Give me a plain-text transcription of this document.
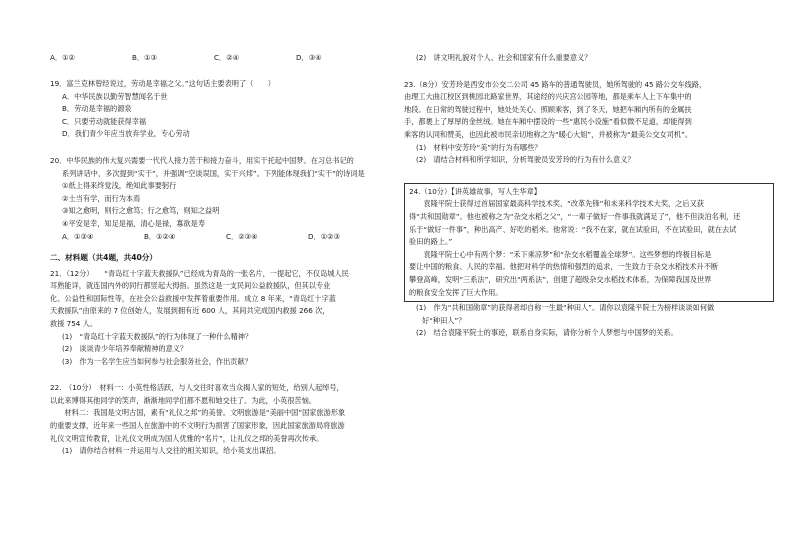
A．①②	B．①③	C．②④	D．③④
19．富兰克林曾经说过，劳动是幸福之父。”这句话主要表明了（　　）
A．中华民族以勤劳智慧闻名于世
B．劳动是幸福的源泉
C．只要劳动就能获得幸福
D．我们青少年应当放弃学业，专心劳动
20．中华民族的伟大复兴需要一代代人接力苦干和接力奋斗，用实干托起中国梦。在习总书记的
系列讲话中，多次提到“实干”，并强调“空谈误国，实干兴邦”。下列能体现我们“实干”的诗词是
①纸上得来终觉浅，绝知此事要躬行
②士当有学，而行为本焉
③知之愈明，则行之愈笃；行之愈笃，则知之益明
④平安是幸，知足是福，清心是禄，寡欲是寿
A．①③④	B．①②④	C．②③④	D．①②③
二、材料题（共4题，共40分）
21．（12分）　　“青岛红十字蓝天救援队”已经成为青岛的一张名片，一提起它，不仅岛城人民
耳熟能详，就连国内外的同行都竖起大拇指。虽然这是一支民间公益救援队，但其以专业
化、公益性和国际性等，在社会公益救援中发挥着重要作用。成立 8 年来，“青岛红十字蓝
天救援队”由原来的 7 位创始人，发展到拥有近 600 人，其间共完成国内救援 266 次，
救援 754 人。
(1)　“青岛红十字蓝天救援队”的行为体现了一种什么精神？
(2)　谈谈青少年培养奉献精神的意义？
(3)　作为一名学生应当如何参与社会服务社会，作出贡献？
22.　（10分）　材料一：小英性格活跃，与人交往时喜欢当众揭人家的短处，给别人起绰号，
以此来博得其他同学的笑声，渐渐地同学们都不愿和她交往了。为此，小英很苦恼。
　　材料二：我国是文明古国，素有“礼仪之邦”的美誉。文明旅游是“美丽中国”国家旅游形象
的重要支撑，近年来一些国人在旅游中的不文明行为损害了国家形象，因此国家旅游局将旅游
礼仪文明宣传教育，让礼仪文明成为国人优雅的“名片”，让礼仪之邦的美誉再次传承。
(1)　请你结合材料一并运用与人交往的相关知识，给小英支出谋招。
(2)　讲文明礼貌对个人、社会和国家有什么重要意义？
23.（8分）安芳玲是西安市公交二公司 45 路车的普通驾驶员，她所驾驶的 45 路公交车线路，
由理工大曲江校区到桃园北路家世界，其途经的兴庆宫公园等地，都是乘车人上下车集中的
地段。在日常的驾驶过程中，她处处关心、照顾乘客，到了冬天，她把车厢内所有的金属扶
手，都裹上了厚厚的金丝绒。她在车厢中摆设的一些“惠民小设施”看似微不足道，却能得到
乘客的认同和赞美，也因此被市民亲切地称之为“暖心大姐”，并被称为“最美公交女司机”。
(1)　材料中安芳玲“美”的行为有哪些？
(2)　请结合材料和所学知识，分析驾驶员安芳玲的行为有什么意义？
24.（10分）【讲英雄故事，写人生华章】
　　袁隆平院士获得过首届国家最高科学技术奖、“改革先锋”和未来科学技术大奖，之后又获
得“共和国勋章”。他也被称之为“杂交水稻之父”，“一辈子做好一件事我就满足了”，他不但淡泊名利，还
乐于“做好一件事”，种出高产、好吃的稻米。他常说：“我不在家，就在试验田，不在试验田，就在去试
验田的路上。”
　　袁隆平院士心中有两个梦：“禾下乘凉梦”和“杂交水稻覆盖全球梦”。这些梦想的终极目标是
要让中国的粮食、人民的幸福。他把对科学的热情和强烈的追求，一生致力于杂交水稻技术升不断
攀登高峰，发明“三系法”，研究出“两系法”，创建了超级杂交水稻技术体系，为保障我国及世界
的粮食安全发挥了巨大作用。
(1)　作为“共和国勋章”的获得者却自称一生最“种田人”。请你以袁隆平院士为榜样谈谈如何做
好“种田人”？
(2)　结合袁隆平院士的事迹，联系自身实际，请你分析个人梦想与中国梦的关系。
